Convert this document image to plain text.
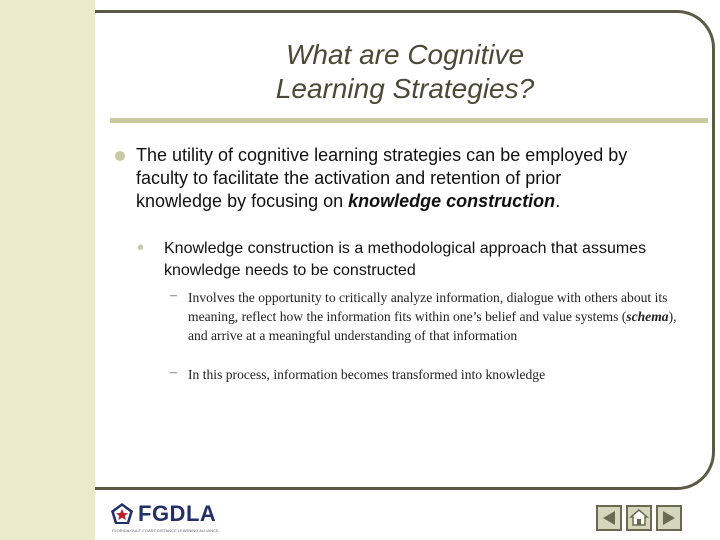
What are Cognitive
Learning Strategies?
The utility of cognitive learning strategies can be employed by faculty to facilitate the activation and retention of prior knowledge by focusing on knowledge construction.
• Knowledge construction is a methodological approach that assumes knowledge needs to be constructed
– Involves the opportunity to critically analyze information, dialogue with others about its meaning, reflect how the information fits within one’s belief and value systems (schema), and arrive at a meaningful understanding of that information
– In this process, information becomes transformed into knowledge
FGDLA
FLORIDA GULF COAST DISTANCE LEARNING ALLIANCE
